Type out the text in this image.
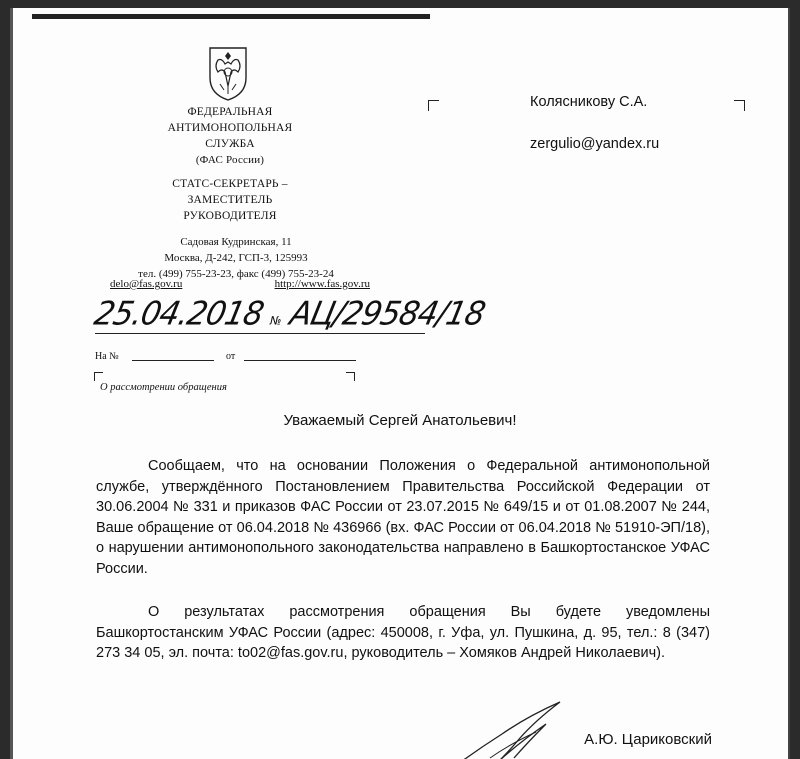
ФЕДЕРАЛЬНАЯ
АНТИМОНОПОЛЬНАЯ
СЛУЖБА
(ФАС России)
СТАТС-СЕКРЕТАРЬ –
ЗАМЕСТИТЕЛЬ
РУКОВОДИТЕЛЯ
Садовая Кудринская, 11
Москва, Д-242, ГСП-3, 125993
тел. (499) 755-23-23, факс (499) 755-23-24
delo@fas.gov.ru	http://www.fas.gov.ru
25.04.2018 № АЦ/29584/18
На №	от
О рассмотрении обращения
Колясникову С.А.
zergulio@yandex.ru
Уважаемый Сергей Анатольевич!
Сообщаем, что на основании Положения о Федеральной антимонопольной службе, утверждённого Постановлением Правительства Российской Федерации от 30.06.2004 № 331 и приказов ФАС России от 23.07.2015 № 649/15 и от 01.08.2007 № 244, Ваше обращение от 06.04.2018 № 436966 (вх. ФАС России от 06.04.2018 № 51910-ЭП/18), о нарушении антимонопольного законодательства направлено в Башкортостанское УФАС России.
О результатах рассмотрения обращения Вы будете уведомлены Башкортостанским УФАС России (адрес: 450008, г. Уфа, ул. Пушкина, д. 95, тел.: 8 (347) 273 34 05, эл. почта: to02@fas.gov.ru, руководитель – Хомяков Андрей Николаевич).
А.Ю. Цариковский
